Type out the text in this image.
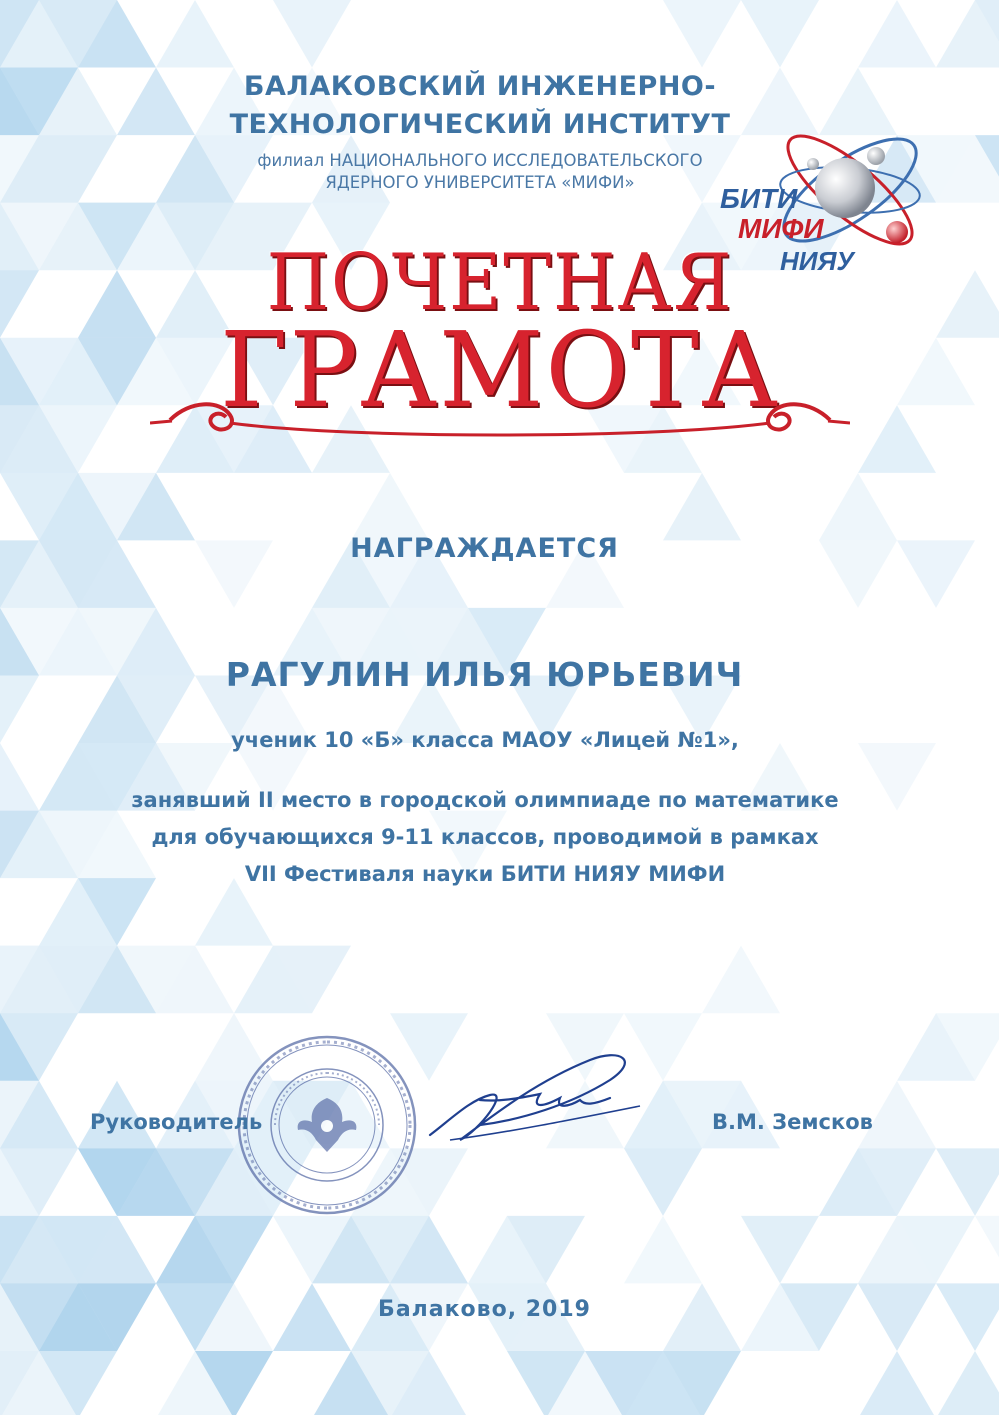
БАЛАКОВСКИЙ ИНЖЕНЕРНО-
ТЕХНОЛОГИЧЕСКИЙ ИНСТИТУТ
филиал НАЦИОНАЛЬНОГО ИССЛЕДОВАТЕЛЬСКОГО
ЯДЕРНОГО УНИВЕРСИТЕТА «МИФИ»
БИТИ
МИФИ
НИЯУ
ПОЧЕТНАЯ
ГРАМОТА
НАГРАЖДАЕТСЯ
РАГУЛИН ИЛЬЯ ЮРЬЕВИЧ
ученик 10 «Б» класса МАОУ «Лицей №1»,
занявший II место в городской олимпиаде по математике
для обучающихся 9-11 классов, проводимой в рамках
VII Фестиваля науки БИТИ НИЯУ МИФИ
Руководитель	В.М. Земсков
Балаково, 2019
